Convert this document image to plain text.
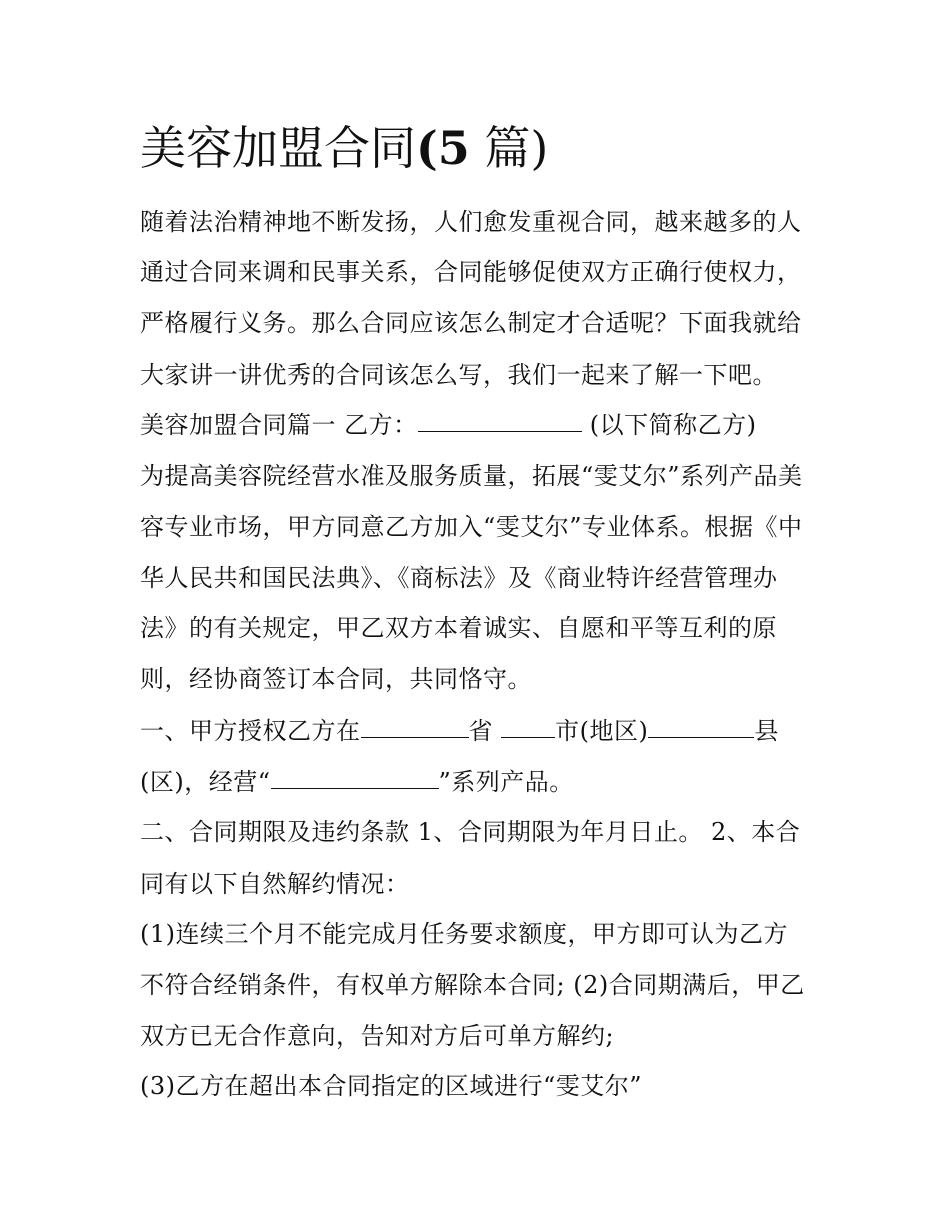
美容加盟合同(5 篇)
随着法治精神地不断发扬，人们愈发重视合同，越来越多的人
通过合同来调和民事关系，合同能够促使双方正确行使权力，
严格履行义务。那么合同应该怎么制定才合适呢？下面我就给
大家讲一讲优秀的合同该怎么写，我们一起来了解一下吧。
美容加盟合同篇一 乙方：	(以下简称乙方)
为提高美容院经营水准及服务质量，拓展“雯艾尔”系列产品美
容专业市场，甲方同意乙方加入“雯艾尔”专业体系。根据《中
华人民共和国民法典》、《商标法》及《商业特许经营管理办
法》的有关规定，甲乙双方本着诚实、自愿和平等互利的原
则，经协商签订本合同，共同恪守。
一、甲方授权乙方在	省 市(地区)	县
(区)，经营“	”系列产品。
二、合同期限及违约条款 1、合同期限为年月日止。 2、本合
同有以下自然解约情况：
(1)连续三个月不能完成月任务要求额度，甲方即可认为乙方
不符合经销条件，有权单方解除本合同; (2)合同期满后，甲乙
双方已无合作意向，告知对方后可单方解约;
(3)乙方在超出本合同指定的区域进行“雯艾尔”
